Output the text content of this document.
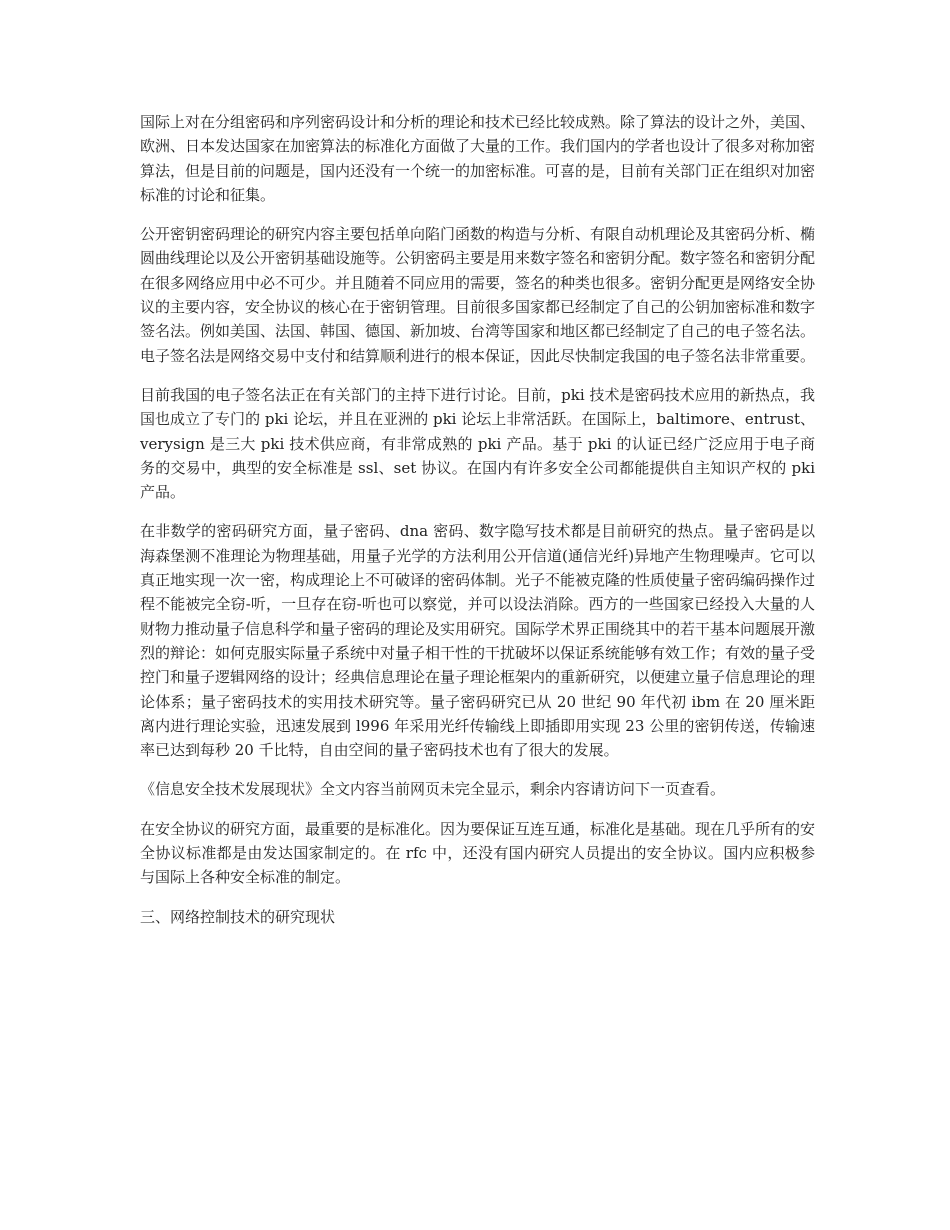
国际上对在分组密码和序列密码设计和分析的理论和技术已经比较成熟。除了算法的设计之外，美国、欧洲、日本发达国家在加密算法的标准化方面做了大量的工作。我们国内的学者也设计了很多对称加密算法，但是目前的问题是，国内还没有一个统一的加密标准。可喜的是，目前有关部门正在组织对加密标准的讨论和征集。

公开密钥密码理论的研究内容主要包括单向陷门函数的构造与分析、有限自动机理论及其密码分析、椭圆曲线理论以及公开密钥基础设施等。公钥密码主要是用来数字签名和密钥分配。数字签名和密钥分配在很多网络应用中必不可少。并且随着不同应用的需要，签名的种类也很多。密钥分配更是网络安全协议的主要内容，安全协议的核心在于密钥管理。目前很多国家都已经制定了自己的公钥加密标准和数字签名法。例如美国、法国、韩国、德国、新加坡、台湾等国家和地区都已经制定了自己的电子签名法。电子签名法是网络交易中支付和结算顺利进行的根本保证，因此尽快制定我国的电子签名法非常重要。

目前我国的电子签名法正在有关部门的主持下进行讨论。目前，pki 技术是密码技术应用的新热点，我国也成立了专门的 pki 论坛，并且在亚洲的 pki 论坛上非常活跃。在国际上，baltimore、entrust、verysign 是三大 pki 技术供应商，有非常成熟的 pki 产品。基于 pki 的认证已经广泛应用于电子商务的交易中，典型的安全标准是 ssl、set 协议。在国内有许多安全公司都能提供自主知识产权的 pki 产品。

在非数学的密码研究方面，量子密码、dna 密码、数字隐写技术都是目前研究的热点。量子密码是以海森堡测不准理论为物理基础，用量子光学的方法利用公开信道(通信光纤)异地产生物理噪声。它可以真正地实现一次一密，构成理论上不可破译的密码体制。光子不能被克隆的性质使量子密码编码操作过程不能被完全窃-听，一旦存在窃-听也可以察觉，并可以设法消除。西方的一些国家已经投入大量的人财物力推动量子信息科学和量子密码的理论及实用研究。国际学术界正围绕其中的若干基本问题展开激烈的辩论：如何克服实际量子系统中对量子相干性的干扰破坏以保证系统能够有效工作；有效的量子受控门和量子逻辑网络的设计；经典信息理论在量子理论框架内的重新研究，以便建立量子信息理论的理论体系；量子密码技术的实用技术研究等。量子密码研究已从 20 世纪 90 年代初 ibm 在 20 厘米距离内进行理论实验，迅速发展到 l996 年采用光纤传输线上即插即用实现 23 公里的密钥传送，传输速率已达到每秒 20 千比特，自由空间的量子密码技术也有了很大的发展。

《信息安全技术发展现状》全文内容当前网页未完全显示，剩余内容请访问下一页查看。

在安全协议的研究方面，最重要的是标准化。因为要保证互连互通，标准化是基础。现在几乎所有的安全协议标准都是由发达国家制定的。在 rfc 中，还没有国内研究人员提出的安全协议。国内应积极参与国际上各种安全标准的制定。

三、网络控制技术的研究现状
